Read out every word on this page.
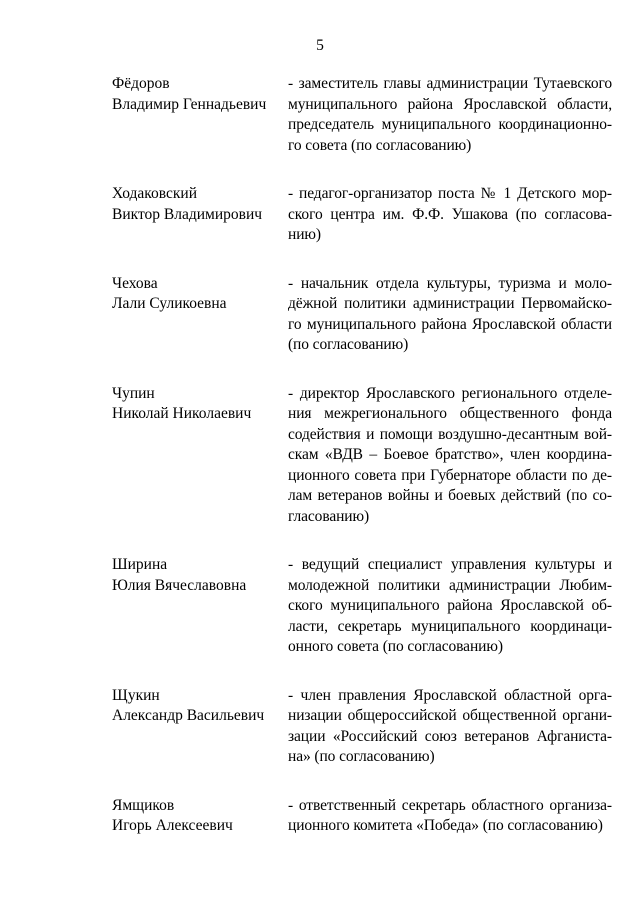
5
Фёдоров
Владимир Геннадьевич
- заместитель главы администрации Тутаевского
муниципального района Ярославской области,
председатель муниципального координационно-
го совета (по согласованию)
Ходаковский
Виктор Владимирович
- педагог-организатор поста № 1 Детского мор-
ского центра им. Ф.Ф. Ушакова (по согласова-
нию)
Чехова
Лали Суликоевна
- начальник отдела культуры, туризма и моло-
дёжной политики администрации Первомайско-
го муниципального района Ярославской области
(по согласованию)
Чупин
Николай Николаевич
- директор Ярославского регионального отделе-
ния межрегионального общественного фонда
содействия и помощи воздушно-десантным вой-
скам «ВДВ – Боевое братство», член координа-
ционного совета при Губернаторе области по де-
лам ветеранов войны и боевых действий (по со-
гласованию)
Ширина
Юлия Вячеславовна
- ведущий специалист управления культуры и
молодежной политики администрации Любим-
ского муниципального района Ярославской об-
ласти, секретарь муниципального координаци-
онного совета (по согласованию)
Щукин
Александр Васильевич
- член правления Ярославской областной орга-
низации общероссийской общественной органи-
зации «Российский союз ветеранов Афганиста-
на» (по согласованию)
Ямщиков
Игорь Алексеевич
- ответственный секретарь областного организа-
ционного комитета «Победа» (по согласованию)
